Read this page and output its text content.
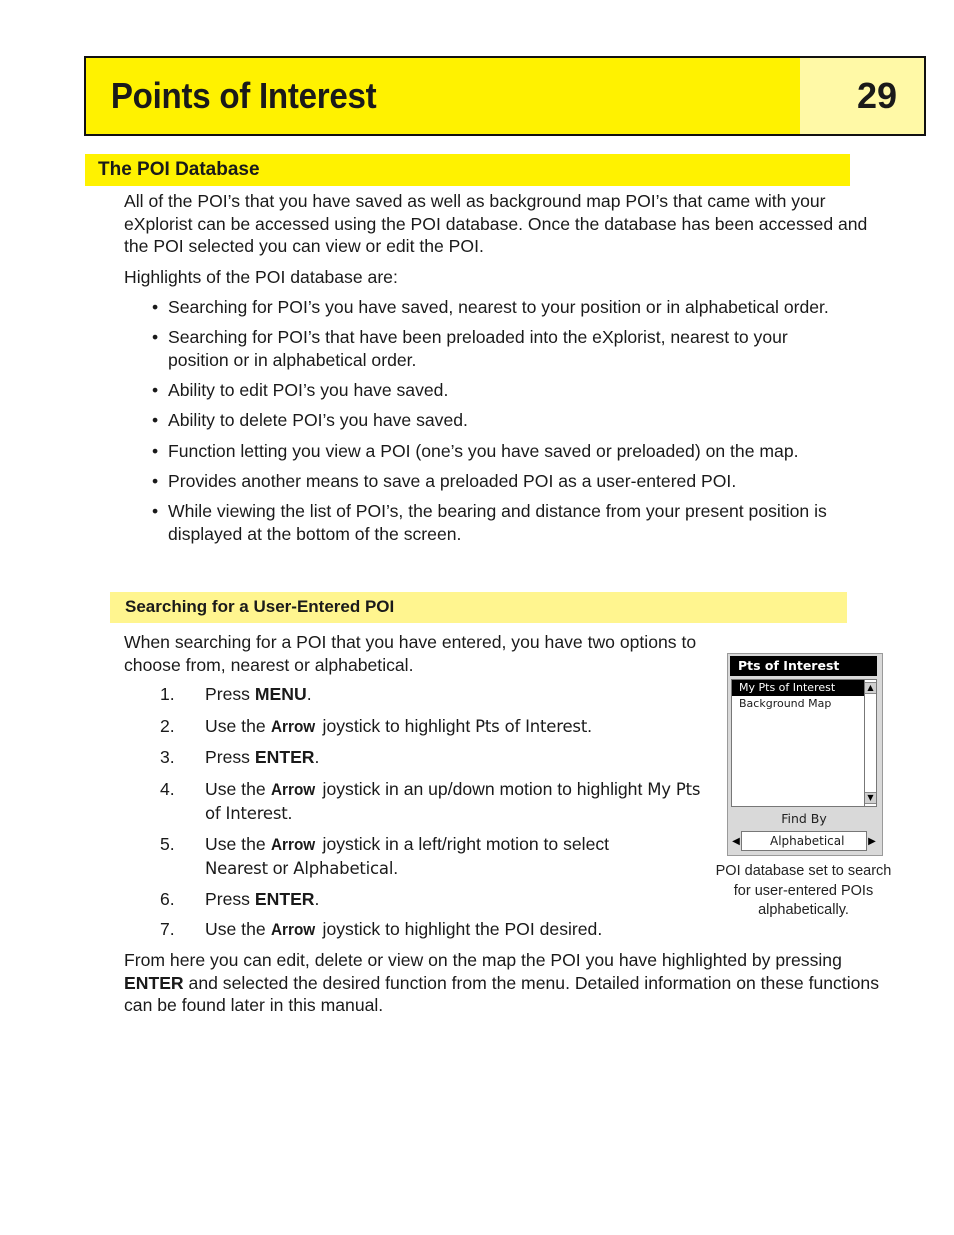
Points of Interest	29
The POI Database

All of the POI’s that you have saved as well as background map POI’s that came with your eXplorist can be accessed using the POI database. Once the database has been accessed and the POI selected you can view or edit the POI.

Highlights of the POI database are:

• Searching for POI’s you have saved, nearest to your position or in alphabetical order.
• Searching for POI’s that have been preloaded into the eXplorist, nearest to your position or in alphabetical order.
• Ability to edit POI’s you have saved.
• Ability to delete POI’s you have saved.
• Function letting you view a POI (one’s you have saved or preloaded) on the map.
• Provides another means to save a preloaded POI as a user-entered POI.
• While viewing the list of POI’s, the bearing and distance from your present position is displayed at the bottom of the screen.
Searching for a User-Entered POI

When searching for a POI that you have entered, you have two options to choose from, nearest or alphabetical.

1.	Press MENU.
2.	Use the Arrow joystick to highlight Pts of Interest.
3.	Press ENTER.
4.	Use the Arrow joystick in an up/down motion to highlight My Pts of Interest.
5.	Use the Arrow joystick in a left/right motion to select Nearest or Alphabetical.
6.	Press ENTER.
7.	Use the Arrow joystick to highlight the POI desired.

From here you can edit, delete or view on the map the POI you have highlighted by pressing ENTER and selected the desired function from the menu. Detailed information on these functions can be found later in this manual.

Pts of Interest
My Pts of Interest
Background Map
▲
▼
Find By
◀	Alphabetical	▶
POI database set to search for user-entered POIs alphabetically.
